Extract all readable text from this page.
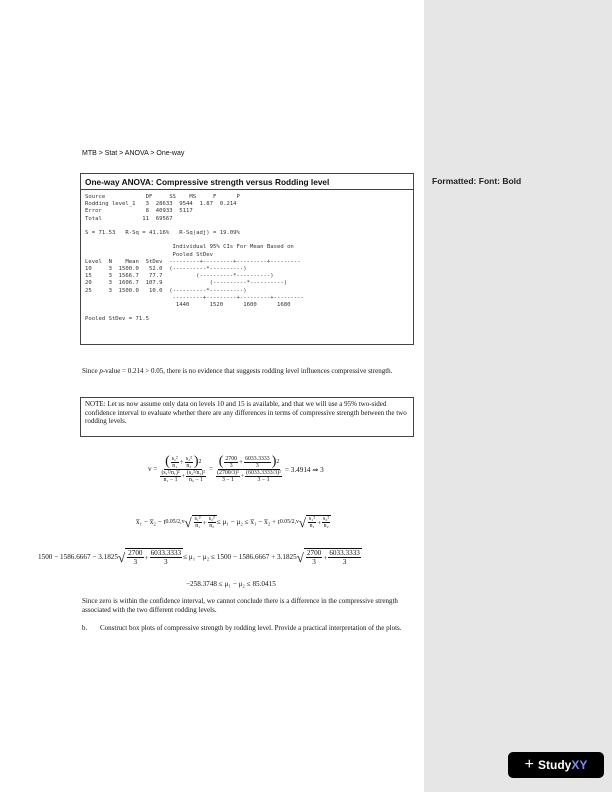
Formatted: Font: Bold
MTB > Stat > ANOVA > One-way
One-way ANOVA: Compressive strength versus Rodding level
Source            DF     SS    MS     F      P
Rodding level_1   3  28633  9544  1.87  0.214
Error             8  40933  5117
Total            11  69567

S = 71.53   R-Sq = 41.16%   R-Sq(adj) = 19.09%

Individual 95% CIs For Mean Based on
Pooled StDev
Level  N    Mean  StDev  ---------+---------+---------+---------
10     3  1500.0   52.0  (----------*----------)
15     3  1566.7   77.7          (----------*----------)
20     3  1606.7  107.9              (----------*----------)
25     3  1500.0   10.0  (----------*----------)
---------+---------+---------+---------
1440      1520      1600      1680

Pooled StDev = 71.5
Since p-value = 0.214 > 0.05, there is no evidence that suggests rodding level influences compressive strength.
NOTE: Let us now assume only data on levels 10 and 15 is available, and that we will use a 95% two-sided confidence interval to evaluate whether there are any differences in terms of compressive strength between the two rodding levels.
$v = \frac{( \frac{\text{s₁²}}{\text{n₁}} + \frac{\text{s₂²}}{\text{n₂}} ) 2}{\frac{\text{(s₁²/n₁)²}}{\text{n₁ − 1}} + \frac{\text{(s₂²/n₂)²}}{\text{n₂ − 1}}} = \frac{( \frac{2700}{3} + \frac{6033.3333}{3} ) 2}{\frac{\text{(2700/3)²}}{3 - 1} + \frac{\text{(6033.3333/3)²}}{3 - 1}} = 3.4914$ ⇒ 3
x̅₁ − x̅₂ − t 0.05/2,v √ $\frac{\text{s₁²}}{\text{n₁}} + \frac{\text{s₂²}}{\text{n₂}} \le \mu_1 - \mu_2$ ≤ x̅₁ − x̅₂ + t 0.05/2,v √ $\frac{\text{s₁²}}{\text{n₁}} + \frac{\text{s₂²}}{\text{n₂}}$
1500 − 1586.6667 − 3.1825 √ $\frac{2700}{3} + \frac{6033.3333}{3} \le \mu_1 - \mu_2 \le 1500 - 1586.6667 + 3.1825$ √ $\frac{2700}{3} + \frac{6033.3333}{3}$
−258.3748 ≤ μ₁ − μ₂ ≤ 85.0415
Since zero is within the confidence interval, we cannot conclude there is a difference in the compressive strength associated with the two different rodding levels.
b.	Construct box plots of compressive strength by rodding level. Provide a practical interpretation of the plots.
+ StudyXY
